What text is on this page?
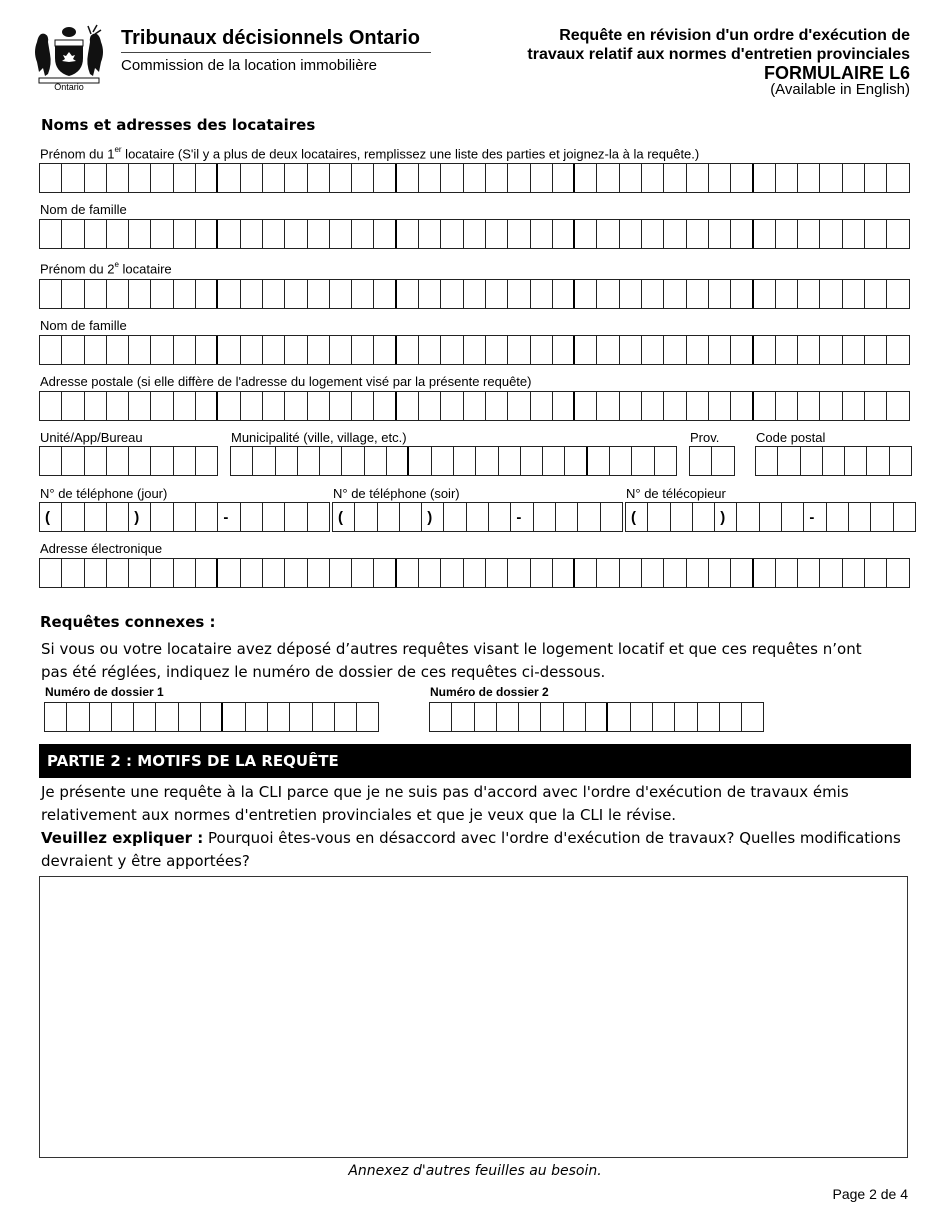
Ontario
Tribunaux décisionnels Ontario
Commission de la location immobilière
Requête en révision d'un ordre d'exécution de
travaux relatif aux normes d'entretien provinciales
FORMULAIRE L6
(Available in English)
Noms et adresses des locataires
Prénom du 1er locataire (S'il y a plus de deux locataires, remplissez une liste des parties et joignez-la à la requête.)
Nom de famille
Prénom du 2e locataire
Nom de famille
Adresse postale (si elle diffère de l'adresse du logement visé par la présente requête)
Unité/App/Bureau	Municipalité (ville, village, etc.)	Prov.	Code postal
N° de téléphone (jour)	N° de téléphone (soir)	N° de télécopieur
(	)	-	(	)	-	(	)	-
Adresse électronique
Requêtes connexes :
Si vous ou votre locataire avez déposé d’autres requêtes visant le logement locatif et que ces requêtes n’ont pas été réglées, indiquez le numéro de dossier de ces requêtes ci-dessous.
Numéro de dossier 1	Numéro de dossier 2
PARTIE 2 : MOTIFS DE LA REQUÊTE
Je présente une requête à la CLI parce que je ne suis pas d'accord avec l'ordre d'exécution de travaux émis relativement aux normes d'entretien provinciales et que je veux que la CLI le révise.
Veuillez expliquer : Pourquoi êtes-vous en désaccord avec l'ordre d'exécution de travaux? Quelles modifications devraient y être apportées?
Annexez d'autres feuilles au besoin.
Page 2 de 4
